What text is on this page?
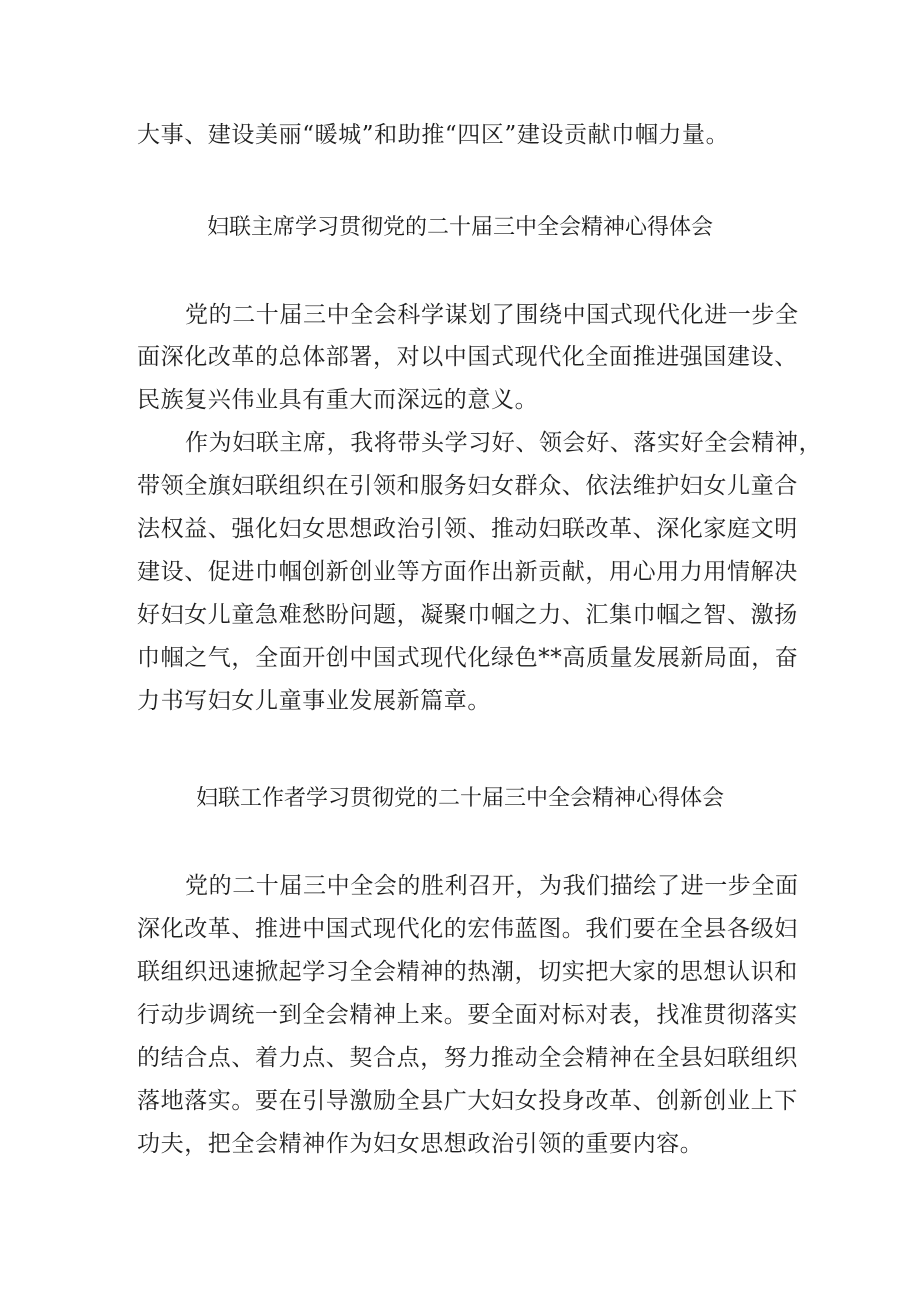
大事、建设美丽“暖城”和助推“四区”建设贡献巾帼力量。
妇联主席学习贯彻党的二十届三中全会精神心得体会
党的二十届三中全会科学谋划了围绕中国式现代化进一步全
面深化改革的总体部署，对以中国式现代化全面推进强国建设、
民族复兴伟业具有重大而深远的意义。
作为妇联主席，我将带头学习好、领会好、落实好全会精神，
带领全旗妇联组织在引领和服务妇女群众、依法维护妇女儿童合
法权益、强化妇女思想政治引领、推动妇联改革、深化家庭文明
建设、促进巾帼创新创业等方面作出新贡献，用心用力用情解决
好妇女儿童急难愁盼问题，凝聚巾帼之力、汇集巾帼之智、激扬
巾帼之气，全面开创中国式现代化绿色**高质量发展新局面，奋
力书写妇女儿童事业发展新篇章。
妇联工作者学习贯彻党的二十届三中全会精神心得体会
党的二十届三中全会的胜利召开，为我们描绘了进一步全面
深化改革、推进中国式现代化的宏伟蓝图。我们要在全县各级妇
联组织迅速掀起学习全会精神的热潮，切实把大家的思想认识和
行动步调统一到全会精神上来。要全面对标对表，找准贯彻落实
的结合点、着力点、契合点，努力推动全会精神在全县妇联组织
落地落实。要在引导激励全县广大妇女投身改革、创新创业上下
功夫，把全会精神作为妇女思想政治引领的重要内容。
